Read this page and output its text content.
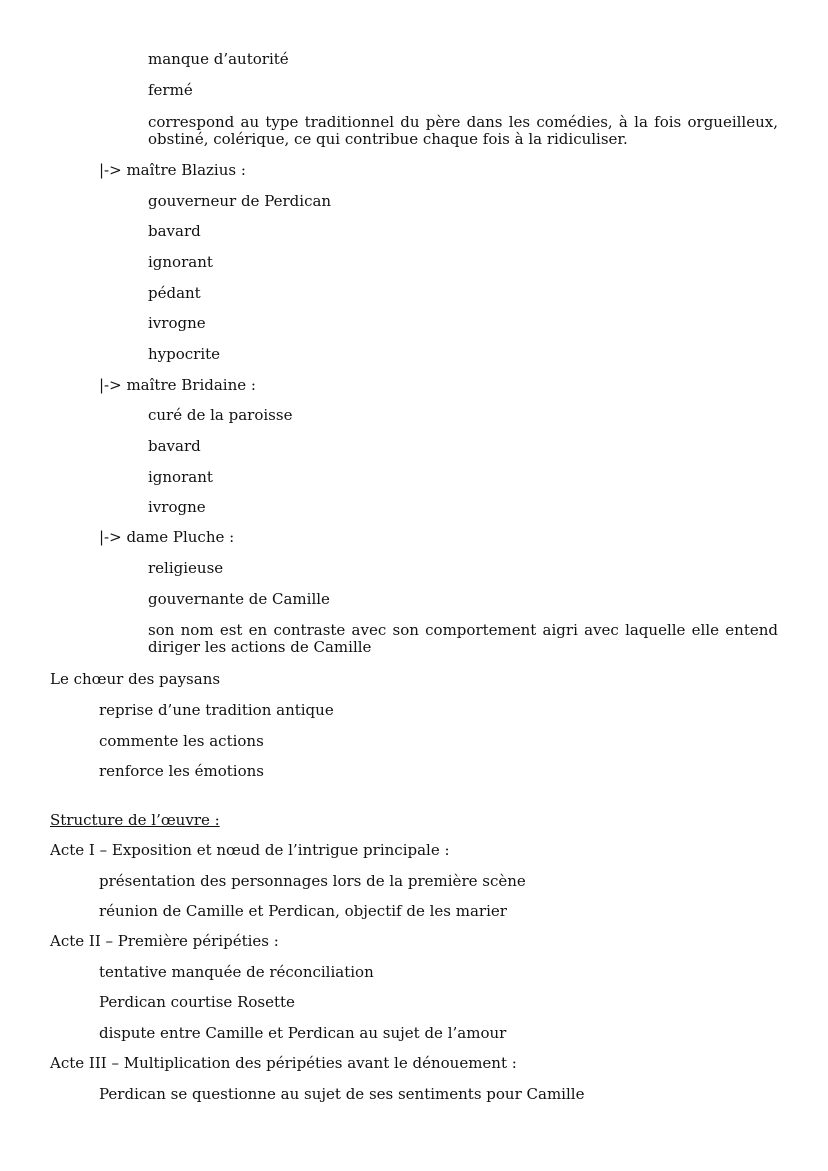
manque d’autorité
fermé
correspond au type traditionnel du père dans les comédies, à la fois orgueilleux, obstiné, colérique, ce qui contribue chaque fois à la ridiculiser.
|-> maître Blazius :
gouverneur de Perdican
bavard
ignorant
pédant
ivrogne
hypocrite
|-> maître Bridaine :
curé de la paroisse
bavard
ignorant
ivrogne
|-> dame Pluche :
religieuse
gouvernante de Camille
son nom est en contraste avec son comportement aigri avec laquelle elle entend diriger les actions de Camille
Le chœur des paysans
reprise d’une tradition antique
commente les actions
renforce les émotions
Structure de l’œuvre :
Acte I – Exposition et nœud de l’intrigue principale :
présentation des personnages lors de la première scène
réunion de Camille et Perdican, objectif de les marier
Acte II – Première péripéties :
tentative manquée de réconciliation
Perdican courtise Rosette
dispute entre Camille et Perdican au sujet de l’amour
Acte III – Multiplication des péripéties avant le dénouement :
Perdican se questionne au sujet de ses sentiments pour Camille
